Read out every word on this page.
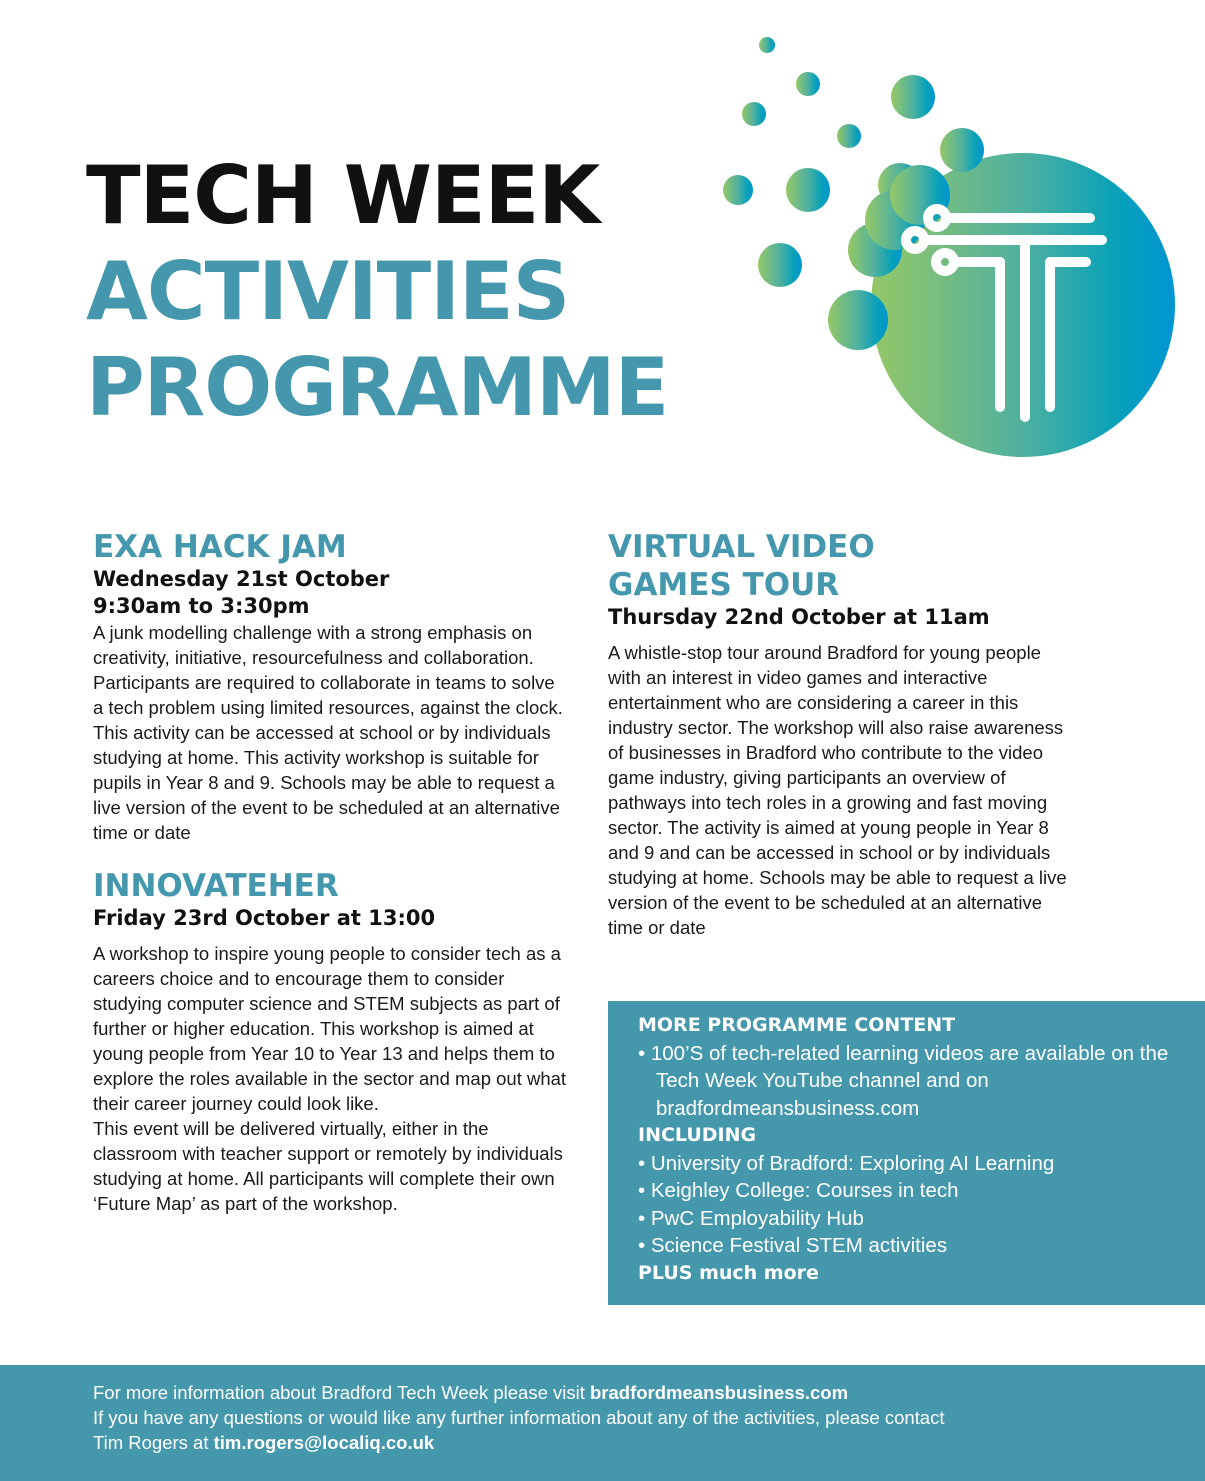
TECH WEEK
ACTIVITIES
PROGRAMME
EXA HACK JAM
Wednesday 21st October
9:30am to 3:30pm

A junk modelling challenge with a strong emphasis on creativity, initiative, resourcefulness and collaboration. Participants are required to collaborate in teams to solve a tech problem using limited resources, against the clock. This activity can be accessed at school or by individuals studying at home. This activity workshop is suitable for pupils in Year 8 and 9. Schools may be able to request a live version of the event to be scheduled at an alternative time or date

INNOVATEHER
Friday 23rd October at 13:00

A workshop to inspire young people to consider tech as a careers choice and to encourage them to consider studying computer science and STEM subjects as part of further or higher education. This workshop is aimed at young people from Year 10 to Year 13 and helps them to explore the roles available in the sector and map out what their career journey could look like.

This event will be delivered virtually, either in the classroom with teacher support or remotely by individuals studying at home. All participants will complete their own ‘Future Map’ as part of the workshop.

VIRTUAL VIDEO
GAMES TOUR
Thursday 22nd October at 11am

A whistle-stop tour around Bradford for young people with an interest in video games and interactive entertainment who are considering a career in this industry sector. The workshop will also raise awareness of businesses in Bradford who contribute to the video game industry, giving participants an overview of pathways into tech roles in a growing and fast moving sector. The activity is aimed at young people in Year 8 and 9 and can be accessed in school or by individuals studying at home. Schools may be able to request a live version of the event to be scheduled at an alternative time or date

MORE PROGRAMME CONTENT
• 100’S of tech-related learning videos are available on the Tech Week YouTube channel and on bradfordmeansbusiness.com
INCLUDING
• University of Bradford: Exploring AI Learning
• Keighley College: Courses in tech
• PwC Employability Hub
• Science Festival STEM activities
PLUS much more
For more information about Bradford Tech Week please visit bradfordmeansbusiness.com
If you have any questions or would like any further information about any of the activities, please contact
Tim Rogers at tim.rogers@localiq.co.uk
